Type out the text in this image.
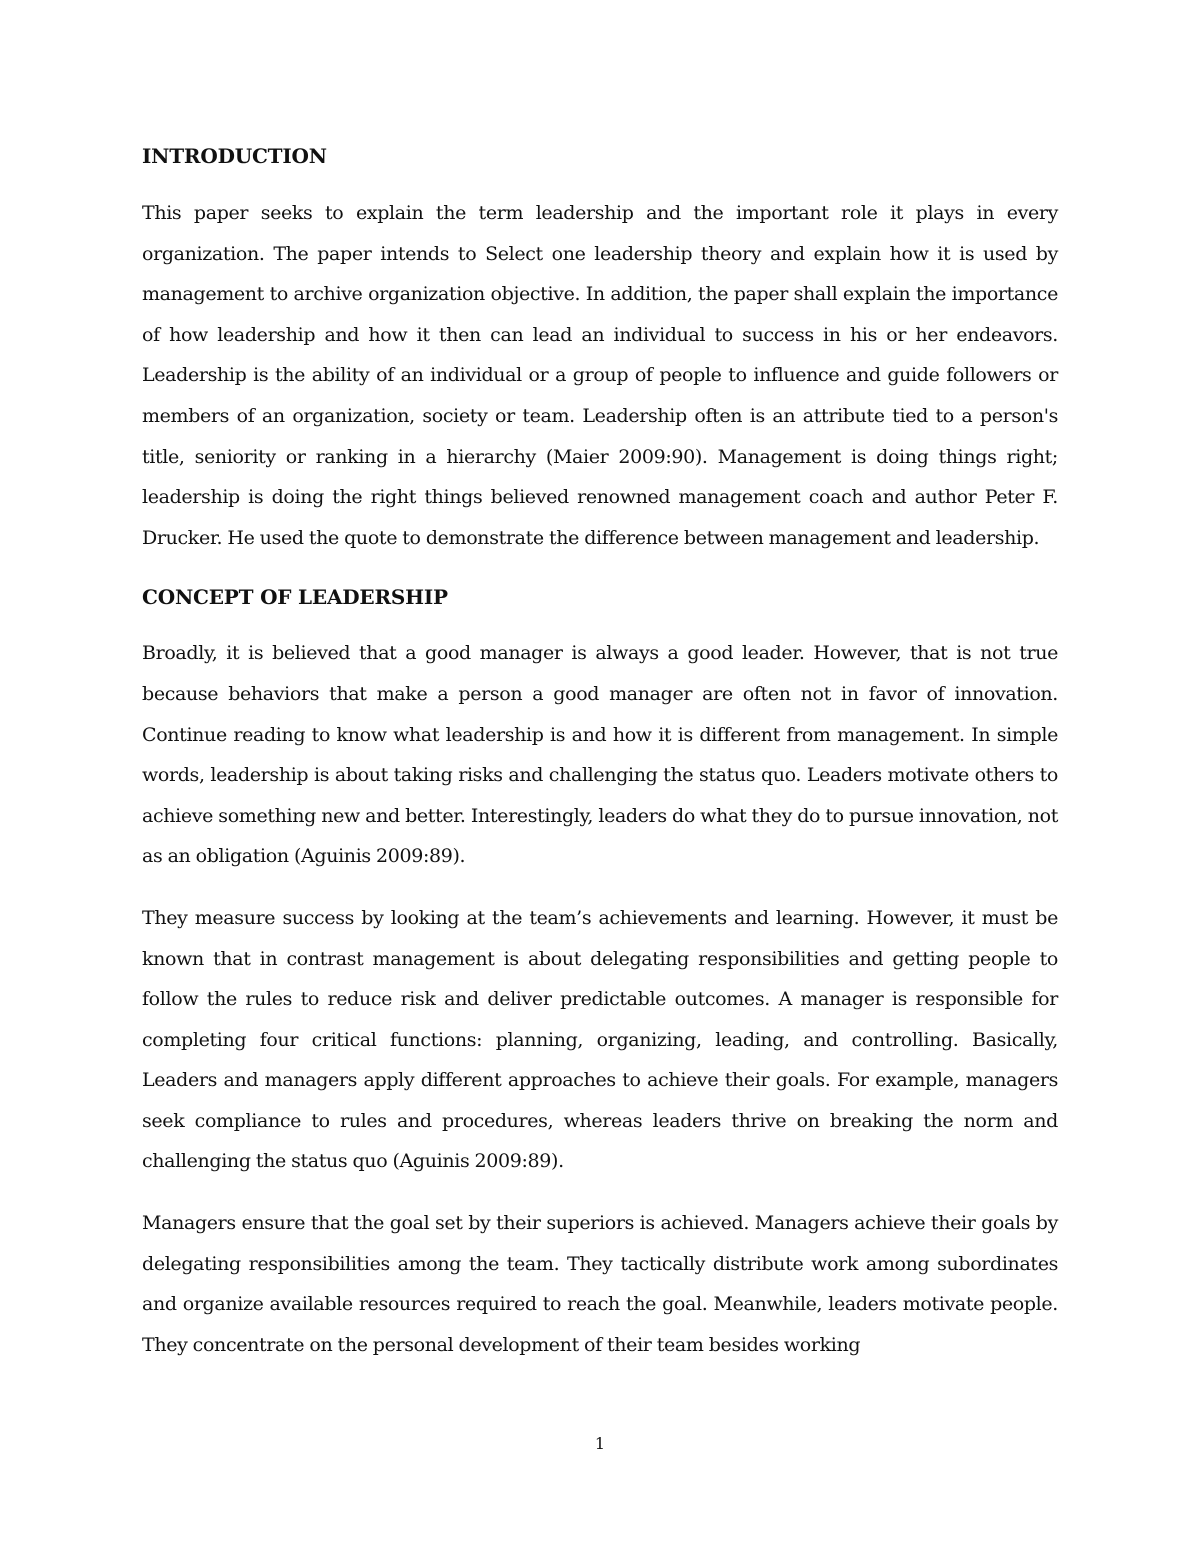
INTRODUCTION

This paper seeks to explain the term leadership and the important role it plays in every organization. The paper intends to Select one leadership theory and explain how it is used by management to archive organization objective. In addition, the paper shall explain the importance of how leadership and how it then can lead an individual to success in his or her endeavors. Leadership is the ability of an individual or a group of people to influence and guide followers or members of an organization, society or team. Leadership often is an attribute tied to a person's title, seniority or ranking in a hierarchy (Maier 2009:90). Management is doing things right; leadership is doing the right things believed renowned management coach and author Peter F. Drucker. He used the quote to demonstrate the difference between management and leadership.

CONCEPT OF LEADERSHIP

Broadly, it is believed that a good manager is always a good leader. However, that is not true because behaviors that make a person a good manager are often not in favor of innovation. Continue reading to know what leadership is and how it is different from management. In simple words, leadership is about taking risks and challenging the status quo. Leaders motivate others to achieve something new and better. Interestingly, leaders do what they do to pursue innovation, not as an obligation (Aguinis 2009:89).

They measure success by looking at the team’s achievements and learning. However, it must be known that in contrast management is about delegating responsibilities and getting people to follow the rules to reduce risk and deliver predictable outcomes. A manager is responsible for completing four critical functions: planning, organizing, leading, and controlling. Basically, Leaders and managers apply different approaches to achieve their goals. For example, managers seek compliance to rules and procedures, whereas leaders thrive on breaking the norm and challenging the status quo (Aguinis 2009:89).

Managers ensure that the goal set by their superiors is achieved. Managers achieve their goals by delegating responsibilities among the team. They tactically distribute work among subordinates and organize available resources required to reach the goal. Meanwhile, leaders motivate people. They concentrate on the personal development of their team besides working

1
